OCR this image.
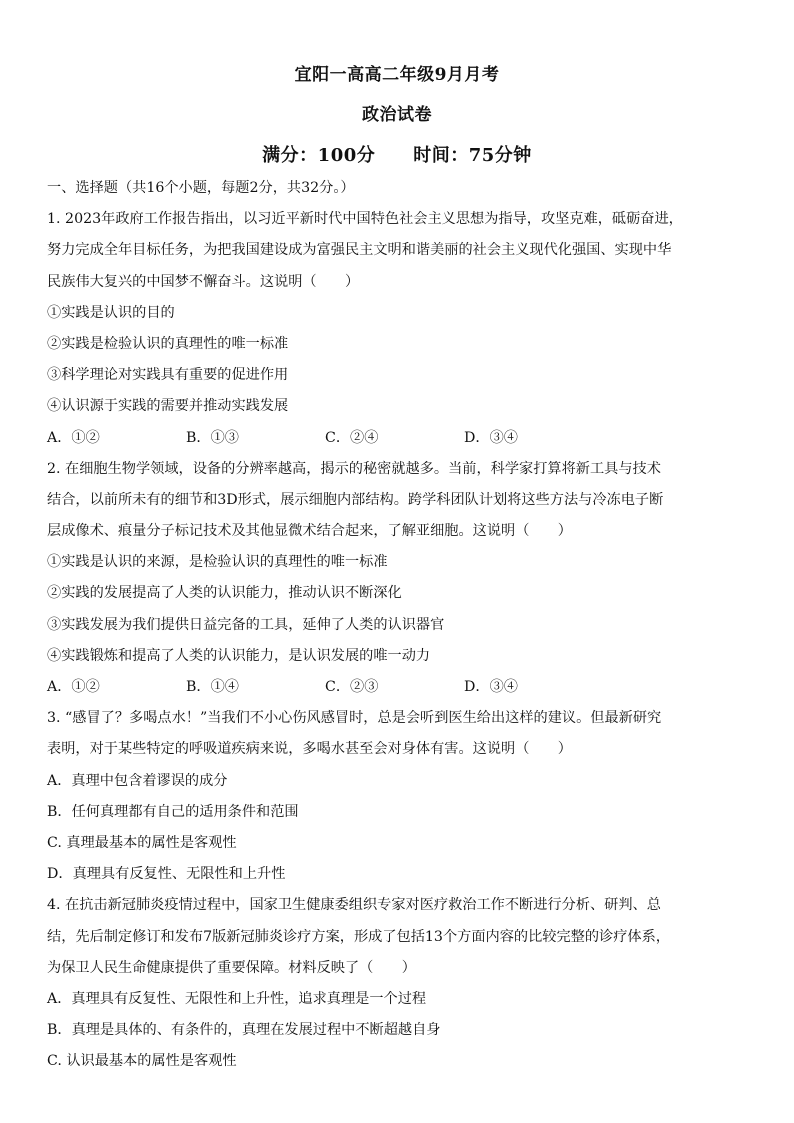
宜阳一高高二年级9月月考
政治试卷
满分：100分 时间：75分钟
一、选择题（共16个小题，每题2分，共32分。）
1. 2023年政府工作报告指出，以习近平新时代中国特色社会主义思想为指导，攻坚克难，砥砺奋进，
努力完成全年目标任务，为把我国建设成为富强民主文明和谐美丽的社会主义现代化强国、实现中华
民族伟大复兴的中国梦不懈奋斗。这说明（　　）
①实践是认识的目的
②实践是检验认识的真理性的唯一标准
③科学理论对实践具有重要的促进作用
④认识源于实践的需要并推动实践发展
A．①②	B．①③	C．②④	D．③④
2. 在细胞生物学领域，设备的分辨率越高，揭示的秘密就越多。当前，科学家打算将新工具与技术
结合，以前所未有的细节和3D形式，展示细胞内部结构。跨学科团队计划将这些方法与冷冻电子断
层成像术、痕量分子标记技术及其他显微术结合起来，了解亚细胞。这说明（　　）
①实践是认识的来源，是检验认识的真理性的唯一标准
②实践的发展提高了人类的认识能力，推动认识不断深化
③实践发展为我们提供日益完备的工具，延伸了人类的认识器官
④实践锻炼和提高了人类的认识能力，是认识发展的唯一动力
A．①②	B．①④	C．②③	D．③④
3. “感冒了？多喝点水！”当我们不小心伤风感冒时，总是会听到医生给出这样的建议。但最新研究
表明，对于某些特定的呼吸道疾病来说，多喝水甚至会对身体有害。这说明（　　）
A．真理中包含着谬误的成分
B．任何真理都有自己的适用条件和范围
C. 真理最基本的属性是客观性
D．真理具有反复性、无限性和上升性
4. 在抗击新冠肺炎疫情过程中，国家卫生健康委组织专家对医疗救治工作不断进行分析、研判、总
结，先后制定修订和发布7版新冠肺炎诊疗方案，形成了包括13个方面内容的比较完整的诊疗体系，
为保卫人民生命健康提供了重要保障。材料反映了（　　）
A．真理具有反复性、无限性和上升性，追求真理是一个过程
B．真理是具体的、有条件的，真理在发展过程中不断超越自身
C. 认识最基本的属性是客观性
